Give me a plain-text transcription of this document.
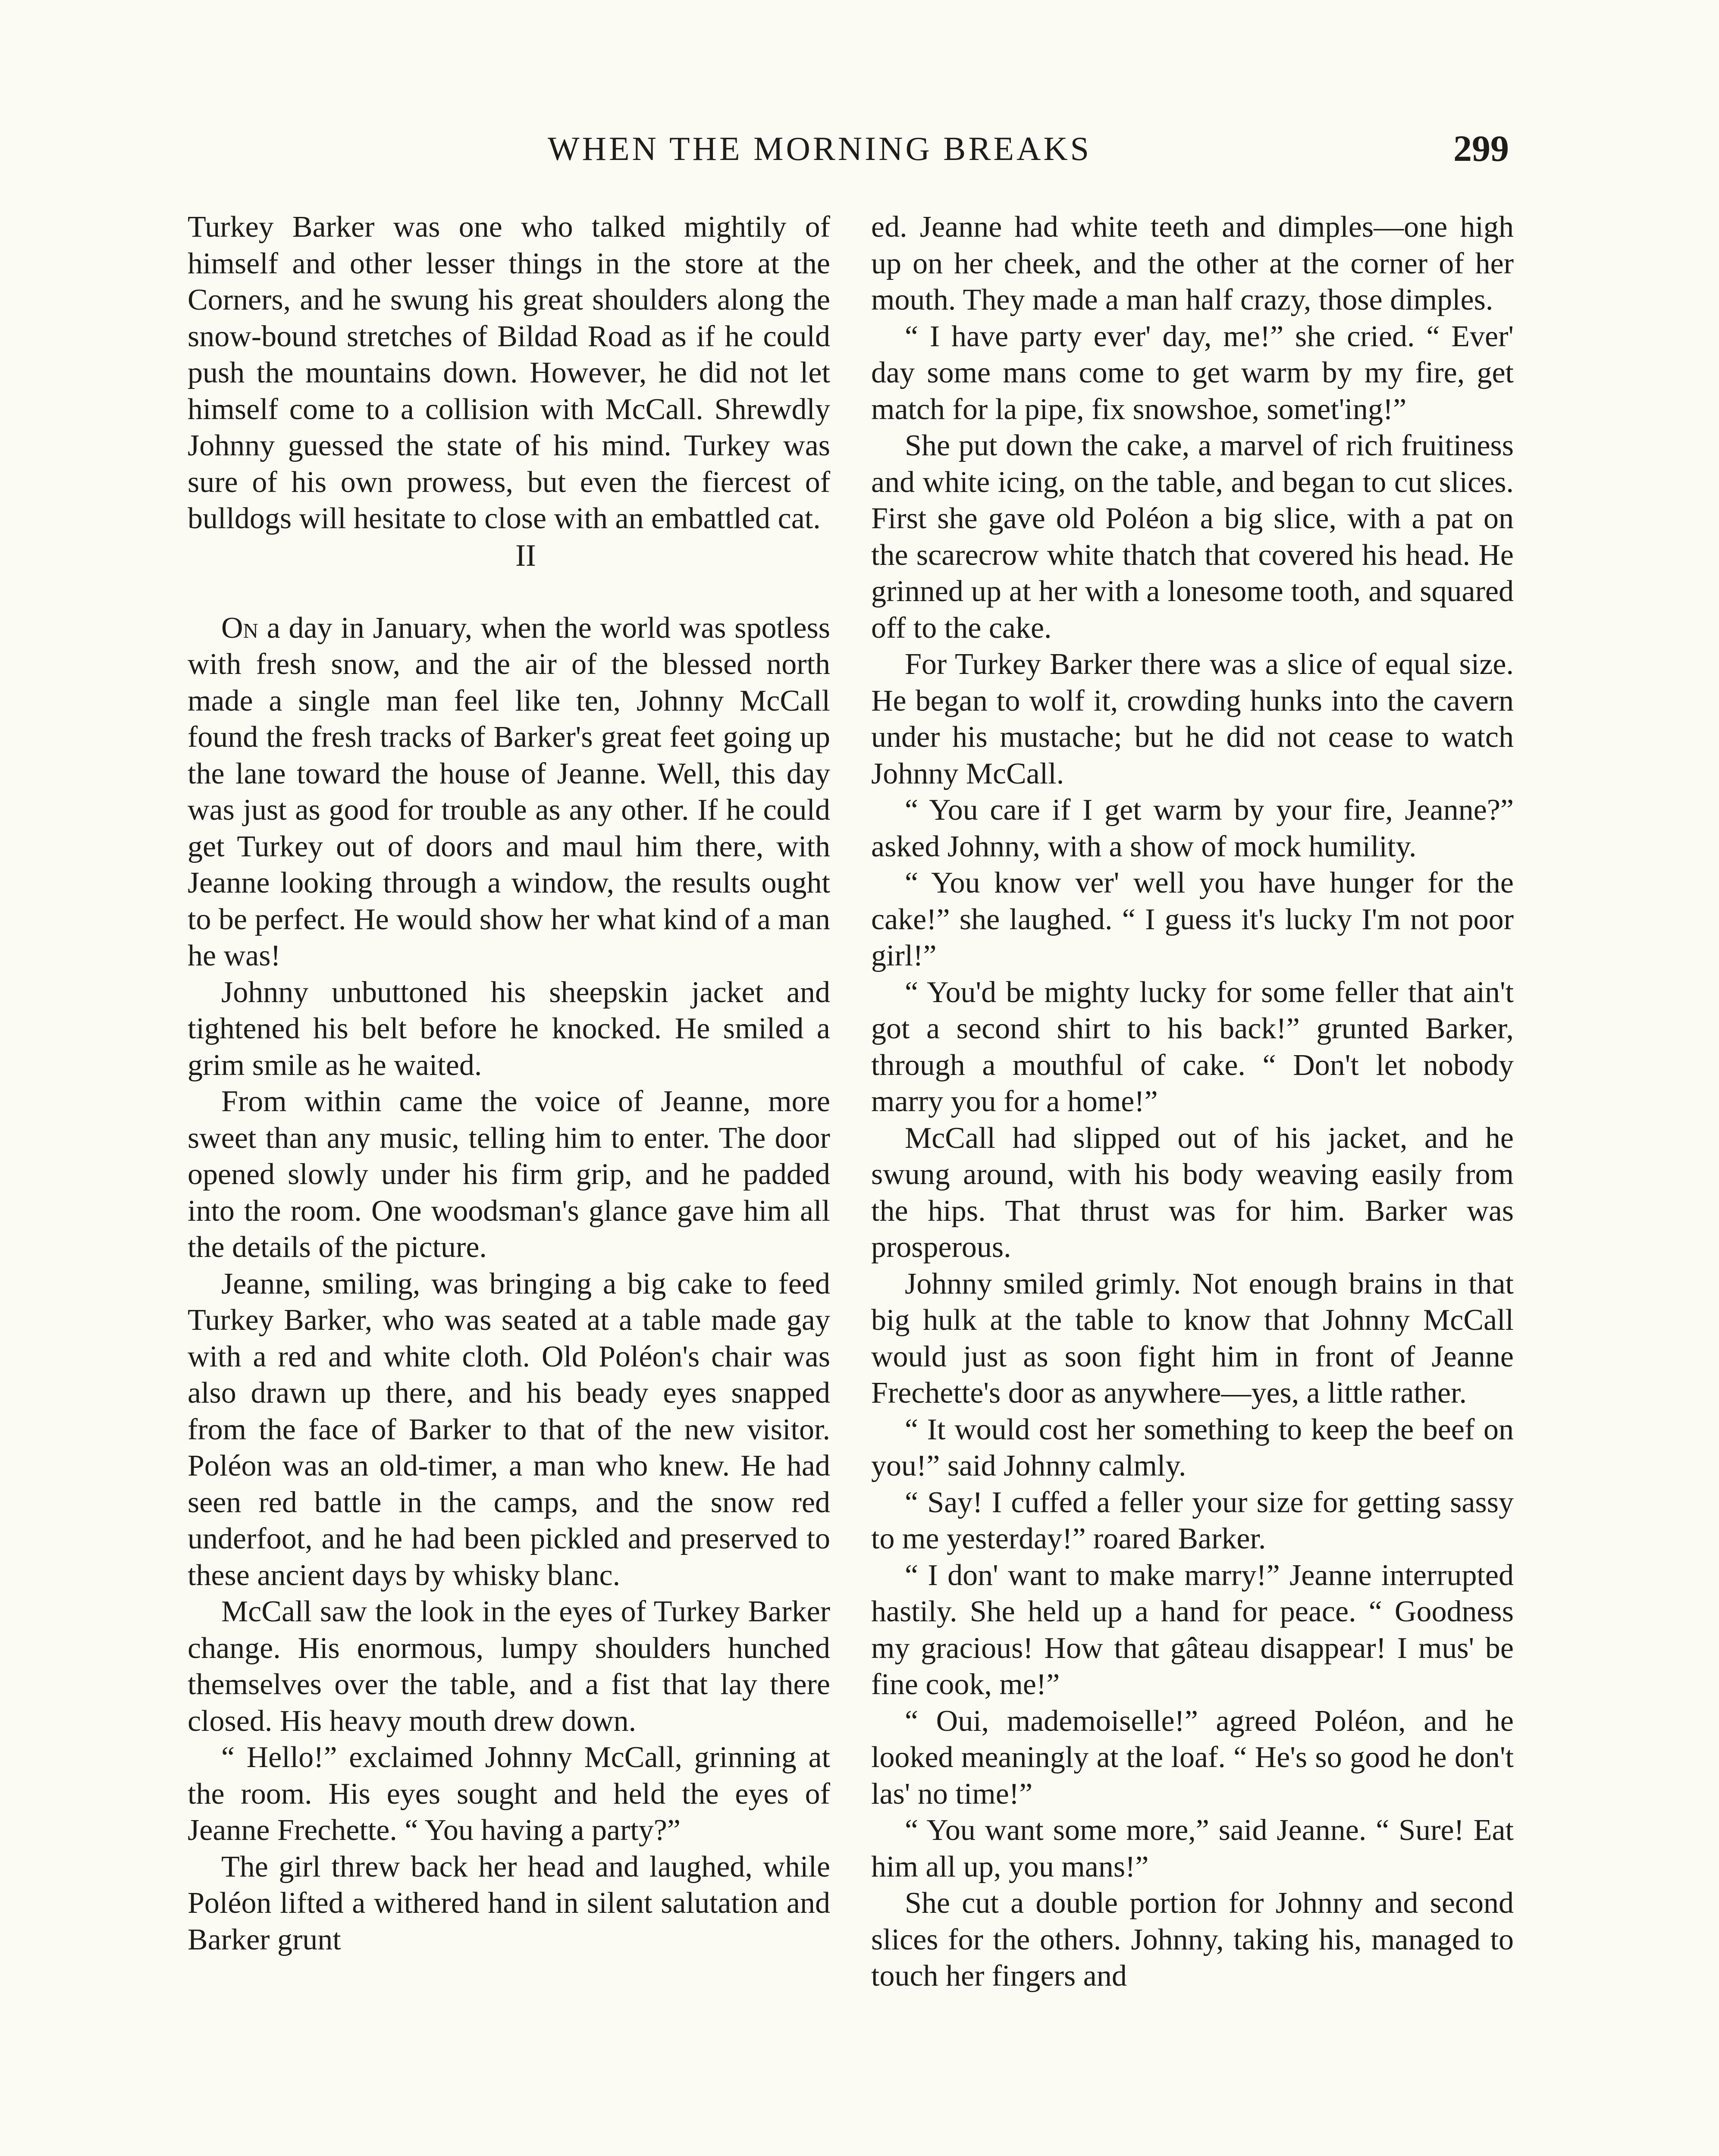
WHEN THE MORNING BREAKS	299

Turkey Barker was one who talked mightily of himself and other lesser things in the store at the Corners, and he swung his great shoulders along the snow-bound stretches of Bildad Road as if he could push the mountains down. However, he did not let himself come to a collision with McCall. Shrewdly Johnny guessed the state of his mind. Turkey was sure of his own prowess, but even the fiercest of bulldogs will hesitate to close with an embattled cat.

II

On a day in January, when the world was spotless with fresh snow, and the air of the blessed north made a single man feel like ten, Johnny McCall found the fresh tracks of Barker's great feet going up the lane toward the house of Jeanne. Well, this day was just as good for trouble as any other. If he could get Turkey out of doors and maul him there, with Jeanne looking through a window, the results ought to be perfect. He would show her what kind of a man he was!

Johnny unbuttoned his sheepskin jacket and tightened his belt before he knocked. He smiled a grim smile as he waited.

From within came the voice of Jeanne, more sweet than any music, telling him to enter. The door opened slowly under his firm grip, and he padded into the room. One woodsman's glance gave him all the details of the picture.

Jeanne, smiling, was bringing a big cake to feed Turkey Barker, who was seated at a table made gay with a red and white cloth. Old Poléon's chair was also drawn up there, and his beady eyes snapped from the face of Barker to that of the new visitor. Poléon was an old-timer, a man who knew. He had seen red battle in the camps, and the snow red underfoot, and he had been pickled and preserved to these ancient days by whisky blanc.

McCall saw the look in the eyes of Turkey Barker change. His enormous, lumpy shoulders hunched themselves over the table, and a fist that lay there closed. His heavy mouth drew down.

“ Hello!” exclaimed Johnny McCall, grinning at the room. His eyes sought and held the eyes of Jeanne Frechette. “ You having a party?”

The girl threw back her head and laughed, while Poléon lifted a withered hand in silent salutation and Barker grunt

ed. Jeanne had white teeth and dimples—one high up on her cheek, and the other at the corner of her mouth. They made a man half crazy, those dimples.

“ I have party ever' day, me!” she cried. “ Ever' day some mans come to get warm by my fire, get match for la pipe, fix snowshoe, somet'ing!”

She put down the cake, a marvel of rich fruitiness and white icing, on the table, and began to cut slices. First she gave old Poléon a big slice, with a pat on the scarecrow white thatch that covered his head. He grinned up at her with a lonesome tooth, and squared off to the cake.

For Turkey Barker there was a slice of equal size. He began to wolf it, crowding hunks into the cavern under his mustache; but he did not cease to watch Johnny McCall.

“ You care if I get warm by your fire, Jeanne?” asked Johnny, with a show of mock humility.

“ You know ver' well you have hunger for the cake!” she laughed. “ I guess it's lucky I'm not poor girl!”

“ You'd be mighty lucky for some feller that ain't got a second shirt to his back!” grunted Barker, through a mouthful of cake. “ Don't let nobody marry you for a home!”

McCall had slipped out of his jacket, and he swung around, with his body weaving easily from the hips. That thrust was for him. Barker was prosperous.

Johnny smiled grimly. Not enough brains in that big hulk at the table to know that Johnny McCall would just as soon fight him in front of Jeanne Frechette's door as anywhere—yes, a little rather.

“ It would cost her something to keep the beef on you!” said Johnny calmly.

“ Say! I cuffed a feller your size for getting sassy to me yesterday!” roared Barker.

“ I don' want to make marry!” Jeanne interrupted hastily. She held up a hand for peace. “ Goodness my gracious! How that gâteau disappear! I mus' be fine cook, me!”

“ Oui, mademoiselle!” agreed Poléon, and he looked meaningly at the loaf. “ He's so good he don't las' no time!”

“ You want some more,” said Jeanne. “ Sure! Eat him all up, you mans!”

She cut a double portion for Johnny and second slices for the others. Johnny, taking his, managed to touch her fingers and
